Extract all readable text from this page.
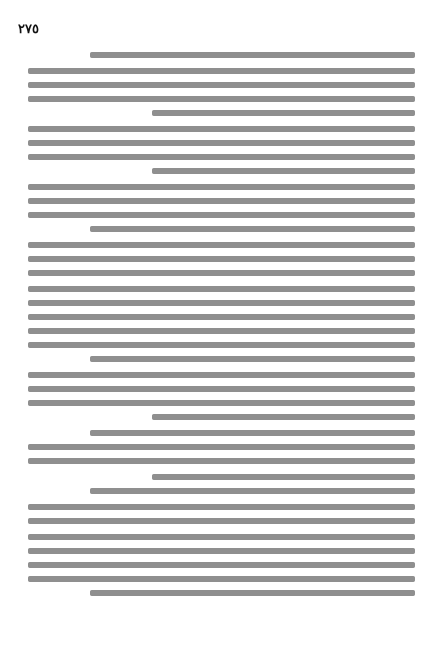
٢٧٥
